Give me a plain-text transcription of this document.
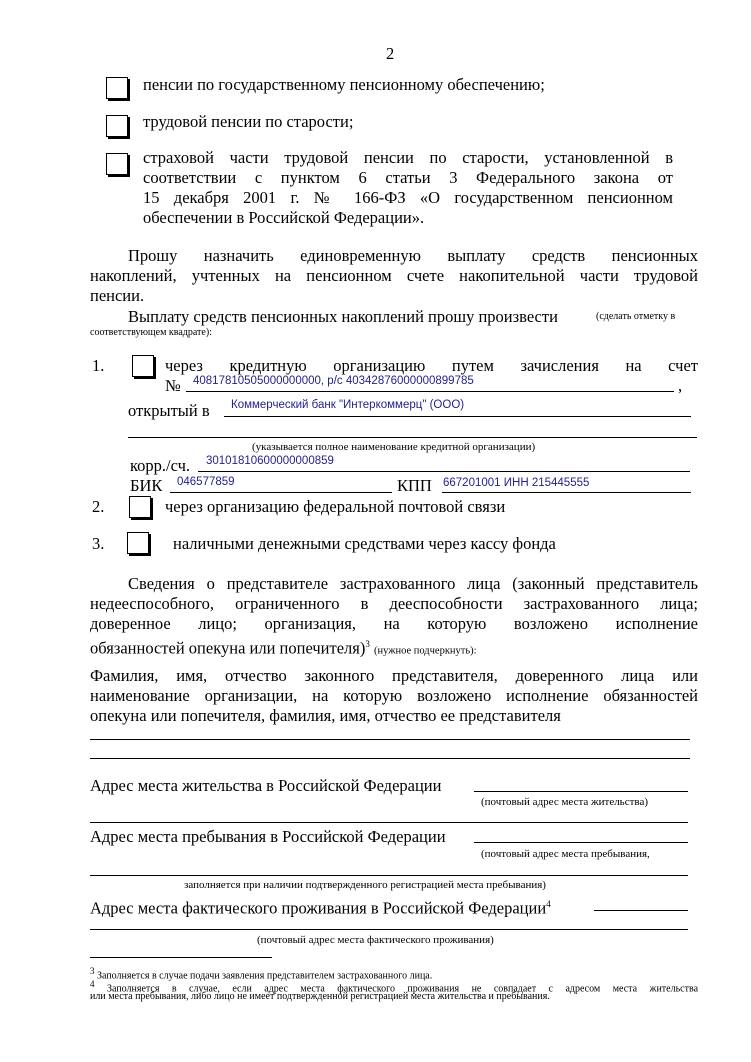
2
пенсии по государственному пенсионному обеспечению;
трудовой пенсии по старости;
страховой части трудовой пенсии по старости, установленной в
соответствии с пунктом 6 статьи 3 Федерального закона от
15 декабря 2001 г. № 166-ФЗ «О государственном пенсионном
обеспечении в Российской Федерации».
Прошу назначить единовременную выплату средств пенсионных
накоплений, учтенных на пенсионном счете накопительной части трудовой
пенсии.
Выплату средств пенсионных накоплений прошу произвести	(сделать отметку в
соответствующем квадрате):
1.	через кредитную организацию путем зачисления на счет
№ 40817810505000000000, р/с 40342876000000899785	,
открытый в Коммерческий банк "Интеркоммерц" (ООО)
(указывается полное наименование кредитной организации)
корр./сч. 30101810600000000859
БИК 046577859	КПП 667201001 ИНН 215445555
2.	через организацию федеральной почтовой связи
3.	наличными денежными средствами через кассу фонда
Сведения о представителе застрахованного лица (законный представитель
недееспособного, ограниченного в дееспособности застрахованного лица;
доверенное лицо; организация, на которую возложено исполнение
обязанностей опекуна или попечителя)$^3$ (нужное подчеркнуть):
Фамилия, имя, отчество законного представителя, доверенного лица или
наименование организации, на которую возложено исполнение обязанностей
опекуна или попечителя, фамилия, имя, отчество ее представителя
Адрес места жительства в Российской Федерации
(почтовый адрес места жительства)
Адрес места пребывания в Российской Федерации
(почтовый адрес места пребывания,
заполняется при наличии подтвержденного регистрацией места пребывания)
Адрес места фактического проживания в Российской Федерации$^4$
(почтовый адрес места фактического проживания)
$^3$ Заполняется в случае подачи заявления представителем застрахованного лица.
$^4$ Заполняется в случае, если адрес места фактического проживания не совпадает с адресом места жительства
или места пребывания, либо лицо не имеет подтвержденной регистрацией места жительства и пребывания.
